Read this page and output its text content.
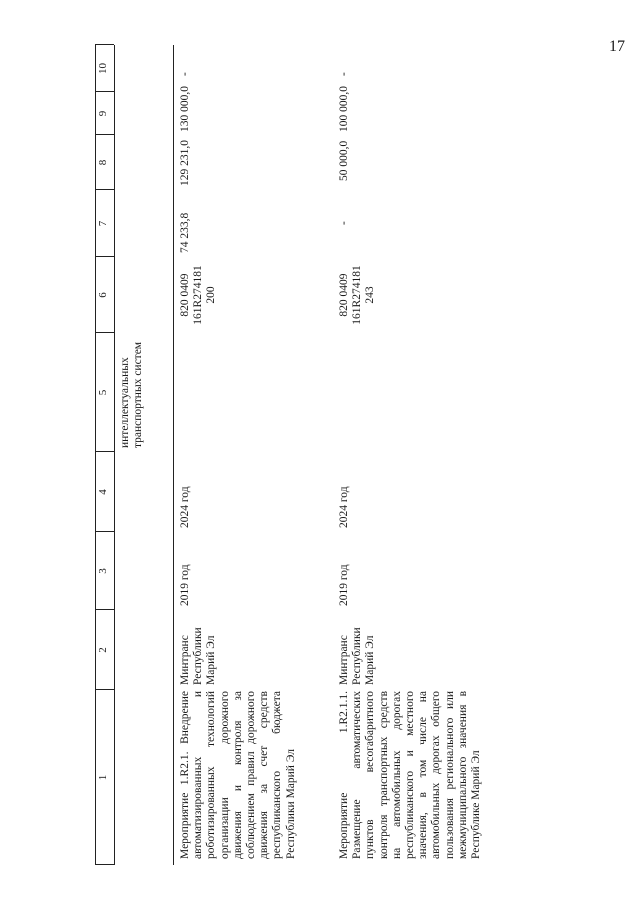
17
1
2
3
4
5
6
7
8
9
10
интеллектуальных транспортных систем
Мероприятие 1.R2.1. Внедрение автоматизированных и роботизированных технологий организации дорожного движения и контроля за соблюдением правил дорожного движения за счет средств республиканского бюджета Республики Марий Эл
Минтранс Республики Марий Эл
2019 год
2024 год
820 0409 161R274181 200
74 233,8
129 231,0
130 000,0
-
Мероприятие 1.R2.1.1. Размещение автоматических пунктов весогабаритного контроля транспортных средств на автомобильных дорогах республиканского и местного значения, в том числе на автомобильных дорогах общего пользования регионального или межмуниципального значения в Республике Марий Эл
Минтранс Республики Марий Эл
2019 год
2024 год
820 0409 161R274181 243
-
50 000,0
100 000,0
-
